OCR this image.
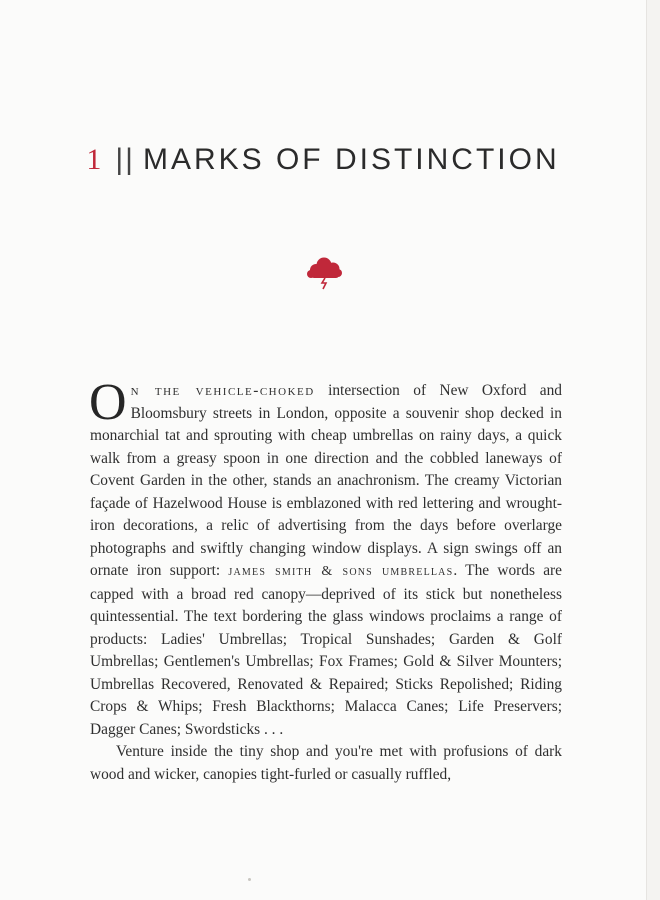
1 || MARKS OF DISTINCTION

On the vehicle-choked intersection of New Oxford and Bloomsbury streets in London, opposite a souvenir shop decked in monarchial tat and sprouting with cheap umbrellas on rainy days, a quick walk from a greasy spoon in one direction and the cobbled laneways of Covent Garden in the other, stands an anachronism. The creamy Victorian façade of Hazelwood House is emblazoned with red lettering and wrought-iron decorations, a relic of advertising from the days before overlarge photographs and swiftly changing window displays. A sign swings off an ornate iron support: james smith & sons umbrellas. The words are capped with a broad red canopy—deprived of its stick but nonetheless quintessential. The text bordering the glass windows proclaims a range of products: Ladies' Umbrellas; Tropical Sunshades; Garden & Golf Umbrellas; Gentlemen's Umbrellas; Fox Frames; Gold & Silver Mounters; Umbrellas Recovered, Renovated & Repaired; Sticks Repolished; Riding Crops & Whips; Fresh Blackthorns; Malacca Canes; Life Preservers; Dagger Canes; Swordsticks . . .

Venture inside the tiny shop and you're met with profusions of dark wood and wicker, canopies tight-furled or casually ruffled,
